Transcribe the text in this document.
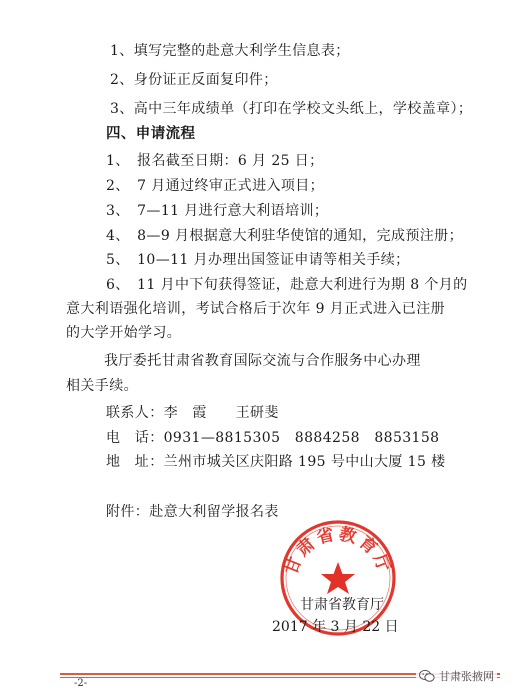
1、填写完整的赴意大利学生信息表；
2、身份证正反面复印件；
3、高中三年成绩单（打印在学校文头纸上，学校盖章）；
四、申请流程
1、　报名截至日期：6 月 25 日；
2、　7 月通过终审正式进入项目；
3、　7—11 月进行意大利语培训；
4、　8—9 月根据意大利驻华使馆的通知，完成预注册；
5、　10—11 月办理出国签证申请等相关手续；
6、　11 月中下旬获得签证，赴意大利进行为期 8 个月的
意大利语强化培训，考试合格后于次年 9 月正式进入已注册
的大学开始学习。
我厅委托甘肃省教育国际交流与合作服务中心办理
相关手续。
联系人：李　霞　　王研斐
电　话：0931—8815305　8884258　8853158
地　址：兰州市城关区庆阳路 195 号中山大厦 15 楼
附件：赴意大利留学报名表
甘肃省教育厅
甘肃省教育厅
2017 年 3 月 22 日
-2-
甘肃张掖网
